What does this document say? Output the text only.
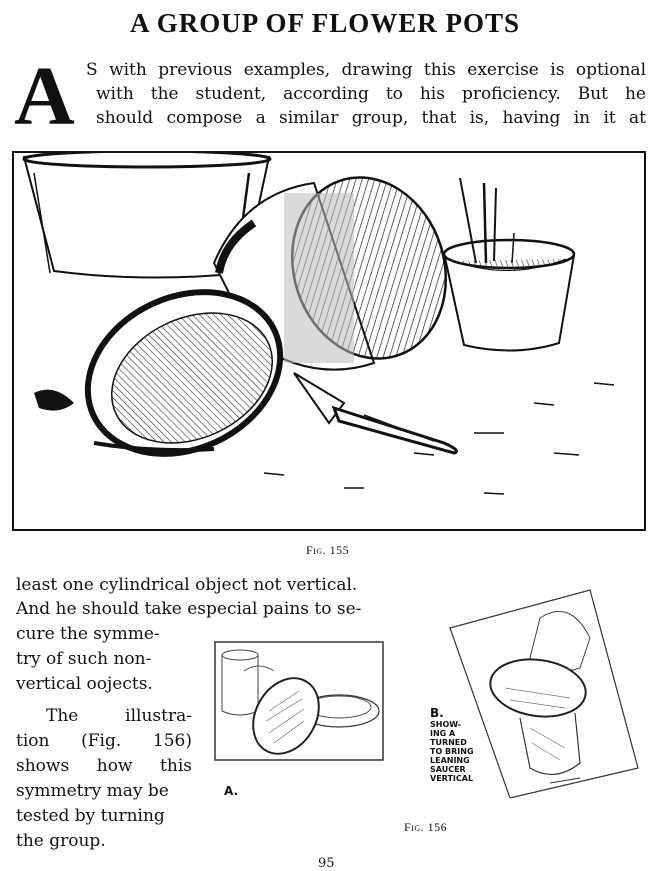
A GROUP OF FLOWER POTS
A S with previous examples, drawing this exercise is optional
with the student, according to his proficiency. But he
should compose a similar group, that is, having in it at
Fig. 155
least one cylindrical object not vertical.
And he should take especial pains to se-
cure the symme-
try of such non-
vertical oojects.
The illustra-
tion (Fig. 156)
shows how this
symmetry may be
tested by turning
the group.
A.
B.
SHOW-
ING A
TURNED
TO BRING
LEANING
SAUCER
VERTICAL
Fig. 156
95
